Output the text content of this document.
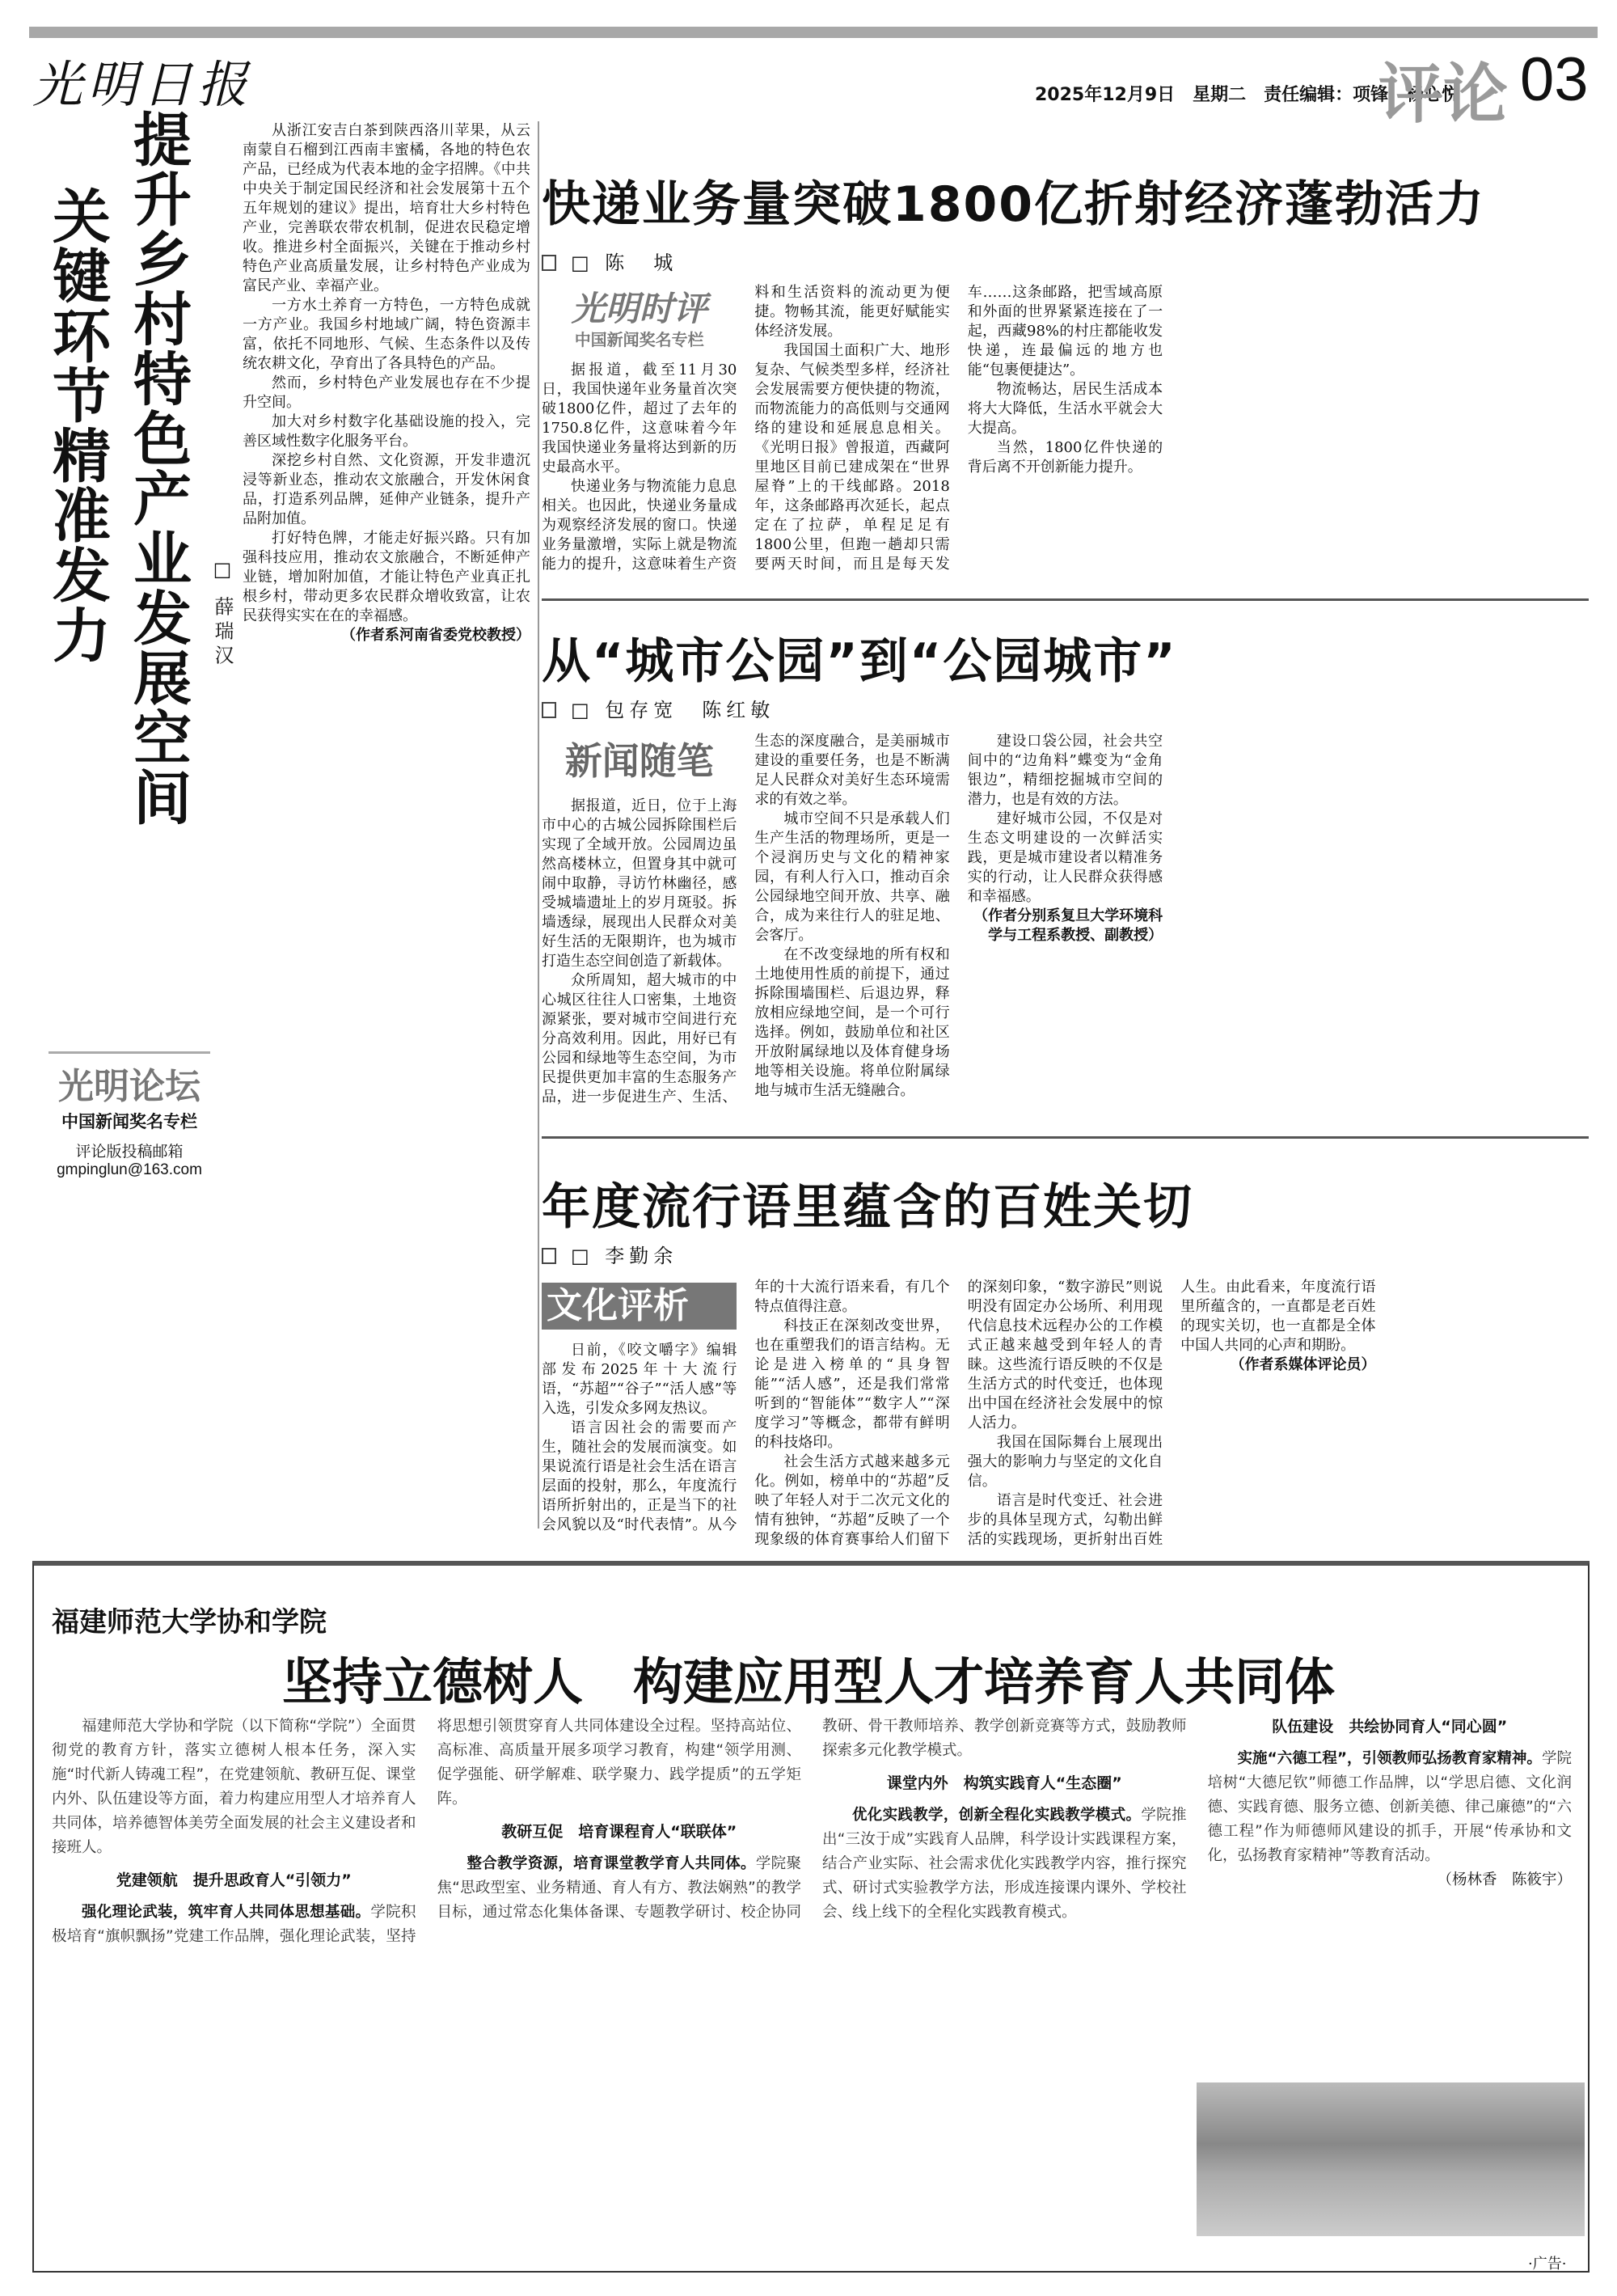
光明日报	2025年12月9日　星期二　责任编辑：项锋、杨心悦
评论 03
提升乡村特色产业发展空间
关键环节精准发力	□ 薛瑞汉
光明论坛
中国新闻奖名专栏
评论版投稿邮箱
gmpinglun@163.com

从浙江安吉白茶到陕西洛川苹果，从云南蒙自石榴到江西南丰蜜橘，各地的特色农产品，已经成为代表本地的金字招牌。《中共中央关于制定国民经济和社会发展第十五个五年规划的建议》提出，培育壮大乡村特色产业，完善联农带农机制，促进农民稳定增收。推进乡村全面振兴，关键在于推动乡村特色产业高质量发展，让乡村特色产业成为富民产业、幸福产业。

一方水土养育一方特色，一方特色成就一方产业。我国乡村地域广阔，特色资源丰富，依托不同地形、气候、生态条件以及传统农耕文化，孕育出了各具特色的产品。

然而，乡村特色产业发展也存在不少提升空间。

加大对乡村数字化基础设施的投入，完善区域性数字化服务平台。

深挖乡村自然、文化资源，开发非遗沉浸等新业态，推动农文旅融合，开发休闲食品，打造系列品牌，延伸产业链条，提升产品附加值。

打好特色牌，才能走好振兴路。只有加强科技应用，推动农文旅融合，不断延伸产业链，增加附加值，才能让特色产业真正扎根乡村，带动更多农民群众增收致富，让农民获得实实在在的幸福感。

（作者系河南省委党校教授）
快递业务量突破1800亿折射经济蓬勃活力
□ 陈　城
光明时评
中国新闻奖名专栏

据报道，截至11月30日，我国快递年业务量首次突破1800亿件，超过了去年的1750.8亿件，这意味着今年我国快递业务量将达到新的历史最高水平。

快递业务与物流能力息息相关。也因此，快递业务量成为观察经济发展的窗口。快递业务量激增，实际上就是物流能力的提升，这意味着生产资料和生活资料的流动更为便捷。物畅其流，能更好赋能实体经济发展。

我国国土面积广大、地形复杂、气候类型多样，经济社会发展需要方便快捷的物流，而物流能力的高低则与交通网络的建设和延展息息相关。《光明日报》曾报道，西藏阿里地区目前已建成架在“世界屋脊”上的干线邮路。2018年，这条邮路再次延长，起点定在了拉萨，单程足足有1800公里，但跑一趟却只需要两天时间，而且是每天发车……这条邮路，把雪域高原和外面的世界紧紧连接在了一起，西藏98%的村庄都能收发快递，连最偏远的地方也能“包裹便捷达”。

物流畅达，居民生活成本将大大降低，生活水平就会大大提高。

当然，1800亿件快递的背后离不开创新能力提升。

从“城市公园”到“公园城市”
□ 包存宽　陈红敏
新闻随笔

据报道，近日，位于上海市中心的古城公园拆除围栏后实现了全域开放。公园周边虽然高楼林立，但置身其中就可闹中取静，寻访竹林幽径，感受城墙遗址上的岁月斑驳。拆墙透绿，展现出人民群众对美好生活的无限期许，也为城市打造生态空间创造了新载体。

众所周知，超大城市的中心城区往往人口密集，土地资源紧张，要对城市空间进行充分高效利用。因此，用好已有公园和绿地等生态空间，为市民提供更加丰富的生态服务产品，进一步促进生产、生活、生态的深度融合，是美丽城市建设的重要任务，也是不断满足人民群众对美好生态环境需求的有效之举。

城市空间不只是承载人们生产生活的物理场所，更是一个浸润历史与文化的精神家园，有利人行入口，推动百余公园绿地空间开放、共享、融合，成为来往行人的驻足地、会客厅。

在不改变绿地的所有权和土地使用性质的前提下，通过拆除围墙围栏、后退边界，释放相应绿地空间，是一个可行选择。例如，鼓励单位和社区开放附属绿地以及体育健身场地等相关设施。将单位附属绿地与城市生活无缝融合。

建设口袋公园，社会共空间中的“边角料”蝶变为“金角银边”，精细挖掘城市空间的潜力，也是有效的方法。

建好城市公园，不仅是对生态文明建设的一次鲜活实践，更是城市建设者以精准务实的行动，让人民群众获得感和幸福感。

（作者分别系复旦大学环境科学与工程系教授、副教授）
年度流行语里蕴含的百姓关切
□ 李勤余
文化评析

日前，《咬文嚼字》编辑部发布2025年十大流行语，“苏超”“谷子”“活人感”等入选，引发众多网友热议。

语言因社会的需要而产生，随社会的发展而演变。如果说流行语是社会生活在语言层面的投射，那么，年度流行语所折射出的，正是当下的社会风貌以及“时代表情”。从今年的十大流行语来看，有几个特点值得注意。

科技正在深刻改变世界，也在重塑我们的语言结构。无论是进入榜单的“具身智能”“活人感”，还是我们常常听到的“智能体”“数字人”“深度学习”等概念，都带有鲜明的科技烙印。

社会生活方式越来越多元化。例如，榜单中的“苏超”反映了年轻人对于二次元文化的情有独钟，“苏超”反映了一个现象级的体育赛事给人们留下的深刻印象，“数字游民”则说明没有固定办公场所、利用现代信息技术远程办公的工作模式正越来越受到年轻人的青睐。这些流行语反映的不仅是生活方式的时代变迁，也体现出中国在经济社会发展中的惊人活力。

我国在国际舞台上展现出强大的影响力与坚定的文化自信。

语言是时代变迁、社会进步的具体呈现方式，勾勒出鲜活的实践现场，更折射出百姓人生。由此看来，年度流行语里所蕴含的，一直都是老百姓的现实关切，也一直都是全体中国人共同的心声和期盼。

（作者系媒体评论员）
福建师范大学协和学院
坚持立德树人　构建应用型人才培养育人共同体

福建师范大学协和学院（以下简称“学院”）全面贯彻党的教育方针，落实立德树人根本任务，深入实施“时代新人铸魂工程”，在党建领航、教研互促、课堂内外、队伍建设等方面，着力构建应用型人才培养育人共同体，培养德智体美劳全面发展的社会主义建设者和接班人。

党建领航　提升思政育人“引领力”

强化理论武装，筑牢育人共同体思想基础。学院积极培育“旗帜飘扬”党建工作品牌，强化理论武装，坚持将思想引领贯穿育人共同体建设全过程。坚持高站位、高标准、高质量开展多项学习教育，构建“领学用测、促学强能、研学解难、联学聚力、践学提质”的五学矩阵。

教研互促　培育课程育人“联联体”

整合教学资源，培育课堂教学育人共同体。学院聚焦“思政型室、业务精通、育人有方、教法娴熟”的教学目标，通过常态化集体备课、专题教学研讨、校企协同教研、骨干教师培养、教学创新竞赛等方式，鼓励教师探索多元化教学模式。

课堂内外　构筑实践育人“生态圈”

优化实践教学，创新全程化实践教学模式。学院推出“三汝于成”实践育人品牌，科学设计实践课程方案，结合产业实际、社会需求优化实践教学内容，推行探究式、研讨式实验教学方法，形成连接课内课外、学校社会、线上线下的全程化实践教育模式。

队伍建设　共绘协同育人“同心圆”

实施“六德工程”，引领教师弘扬教育家精神。学院培树“大德尼钦”师德工作品牌，以“学思启德、文化润德、实践育德、服务立德、创新美德、律己廉德”的“六德工程”作为师德师风建设的抓手，开展“传承协和文化，弘扬教育家精神”等教育活动。

（杨林香　陈筱宇）
·广告·
